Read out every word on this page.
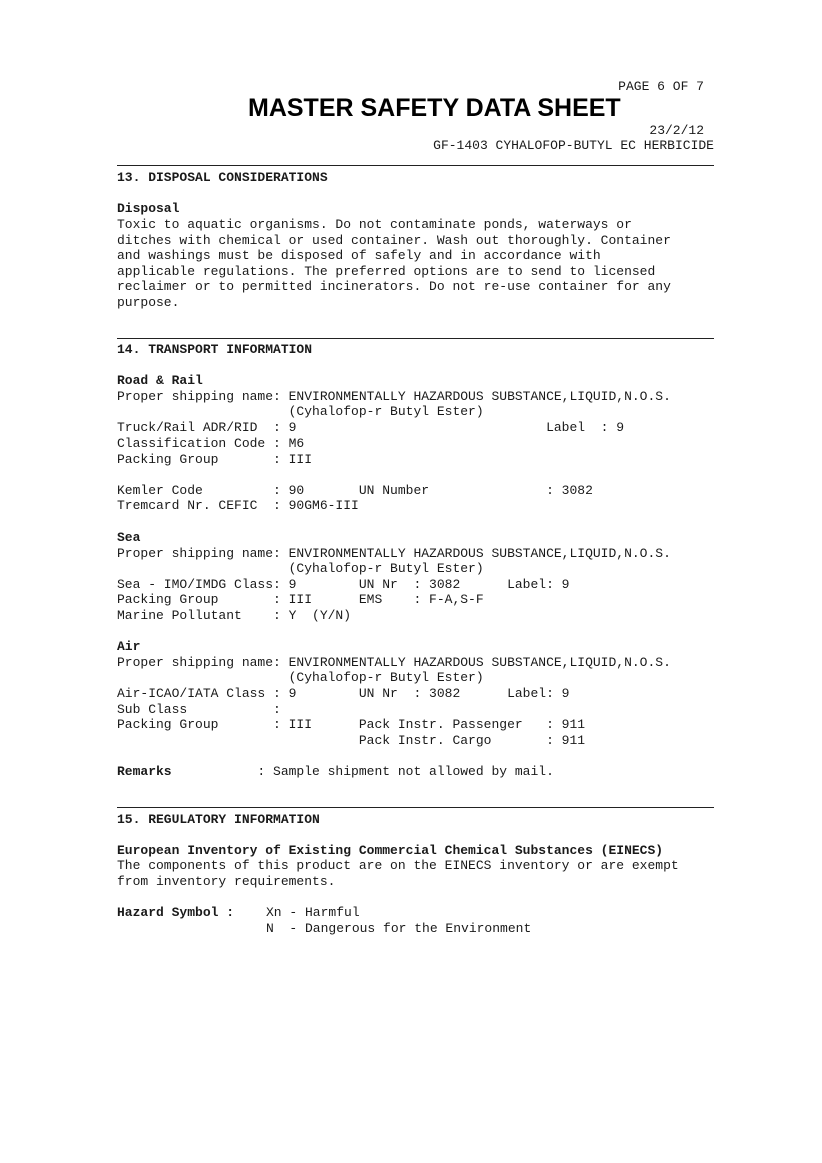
PAGE 6 OF 7
MASTER SAFETY DATA SHEET
23/2/12
GF-1403 CYHALOFOP-BUTYL EC HERBICIDE
13. DISPOSAL CONSIDERATIONS
Disposal
Toxic to aquatic organisms. Do not contaminate ponds, waterways or
ditches with chemical or used container. Wash out thoroughly. Container
and washings must be disposed of safely and in accordance with
applicable regulations. The preferred options are to send to licensed
reclaimer or to permitted incinerators. Do not re-use container for any
purpose.
14. TRANSPORT INFORMATION
Road & Rail
Proper shipping name: ENVIRONMENTALLY HAZARDOUS SUBSTANCE,LIQUID,N.O.S.
(Cyhalofop-r Butyl Ester)
Truck/Rail ADR/RID  : 9                                Label  : 9
Classification Code : M6
Packing Group       : III
Kemler Code         : 90       UN Number               : 3082
Tremcard Nr. CEFIC  : 90GM6-III
Sea
Proper shipping name: ENVIRONMENTALLY HAZARDOUS SUBSTANCE,LIQUID,N.O.S.
(Cyhalofop-r Butyl Ester)
Sea - IMO/IMDG Class: 9        UN Nr  : 3082      Label: 9
Packing Group       : III      EMS    : F-A,S-F
Marine Pollutant    : Y  (Y/N)
Air
Proper shipping name: ENVIRONMENTALLY HAZARDOUS SUBSTANCE,LIQUID,N.O.S.
(Cyhalofop-r Butyl Ester)
Air-ICAO/IATA Class : 9        UN Nr  : 3082      Label: 9
Sub Class           :
Packing Group       : III      Pack Instr. Passenger   : 911
Pack Instr. Cargo       : 911
Remarks           : Sample shipment not allowed by mail.
15. REGULATORY INFORMATION
European Inventory of Existing Commercial Chemical Substances (EINECS)
The components of this product are on the EINECS inventory or are exempt
from inventory requirements.
Hazard Symbol : Xn - Harmful
N  - Dangerous for the Environment
